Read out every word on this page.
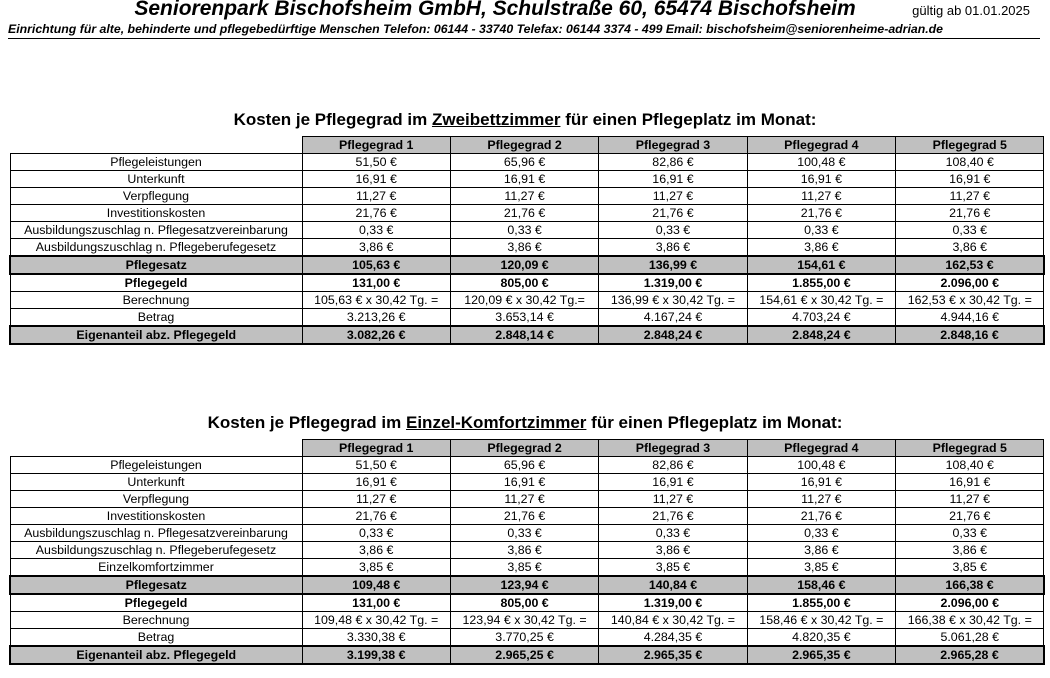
Seniorenpark Bischofsheim GmbH, Schulstraße 60, 65474 Bischofsheim	gültig ab 01.01.2025
Einrichtung für alte, behinderte und pflegebedürftige Menschen Telefon: 06144 - 33740 Telefax: 06144 3374 - 499 Email: bischofsheim@seniorenheime-adrian.de
Kosten je Pflegegrad im Zweibettzimmer für einen Pflegeplatz im Monat:
	Pflegegrad 1	Pflegegrad 2	Pflegegrad 3	Pflegegrad 4	Pflegegrad 5
Pflegeleistungen	51,50 €	65,96 €	82,86 €	100,48 €	108,40 €
Unterkunft	16,91 €	16,91 €	16,91 €	16,91 €	16,91 €
Verpflegung	11,27 €	11,27 €	11,27 €	11,27 €	11,27 €
Investitionskosten	21,76 €	21,76 €	21,76 €	21,76 €	21,76 €
Ausbildungszuschlag n. Pflegesatzvereinbarung	0,33 €	0,33 €	0,33 €	0,33 €	0,33 €
Ausbildungszuschlag n. Pflegeberufegesetz	3,86 €	3,86 €	3,86 €	3,86 €	3,86 €
Pflegesatz	105,63 €	120,09 €	136,99 €	154,61 €	162,53 €
Pflegegeld	131,00 €	805,00 €	1.319,00 €	1.855,00 €	2.096,00 €
Berechnung	105,63 € x 30,42 Tg. =	120,09 € x 30,42 Tg.=	136,99 € x 30,42 Tg. =	154,61 € x 30,42 Tg. =	162,53 € x 30,42 Tg. =
Betrag	3.213,26 €	3.653,14 €	4.167,24 €	4.703,24 €	4.944,16 €
Eigenanteil abz. Pflegegeld	3.082,26 €	2.848,14 €	2.848,24 €	2.848,24 €	2.848,16 €
Kosten je Pflegegrad im Einzel-Komfortzimmer für einen Pflegeplatz im Monat:
	Pflegegrad 1	Pflegegrad 2	Pflegegrad 3	Pflegegrad 4	Pflegegrad 5
Pflegeleistungen	51,50 €	65,96 €	82,86 €	100,48 €	108,40 €
Unterkunft	16,91 €	16,91 €	16,91 €	16,91 €	16,91 €
Verpflegung	11,27 €	11,27 €	11,27 €	11,27 €	11,27 €
Investitionskosten	21,76 €	21,76 €	21,76 €	21,76 €	21,76 €
Ausbildungszuschlag n. Pflegesatzvereinbarung	0,33 €	0,33 €	0,33 €	0,33 €	0,33 €
Ausbildungszuschlag n. Pflegeberufegesetz	3,86 €	3,86 €	3,86 €	3,86 €	3,86 €
Einzelkomfortzimmer	3,85 €	3,85 €	3,85 €	3,85 €	3,85 €
Pflegesatz	109,48 €	123,94 €	140,84 €	158,46 €	166,38 €
Pflegegeld	131,00 €	805,00 €	1.319,00 €	1.855,00 €	2.096,00 €
Berechnung	109,48 € x 30,42 Tg. =	123,94 € x 30,42 Tg. =	140,84 € x 30,42 Tg. =	158,46 € x 30,42 Tg. =	166,38 € x 30,42 Tg. =
Betrag	3.330,38 €	3.770,25 €	4.284,35 €	4.820,35 €	5.061,28 €
Eigenanteil abz. Pflegegeld	3.199,38 €	2.965,25 €	2.965,35 €	2.965,35 €	2.965,28 €
